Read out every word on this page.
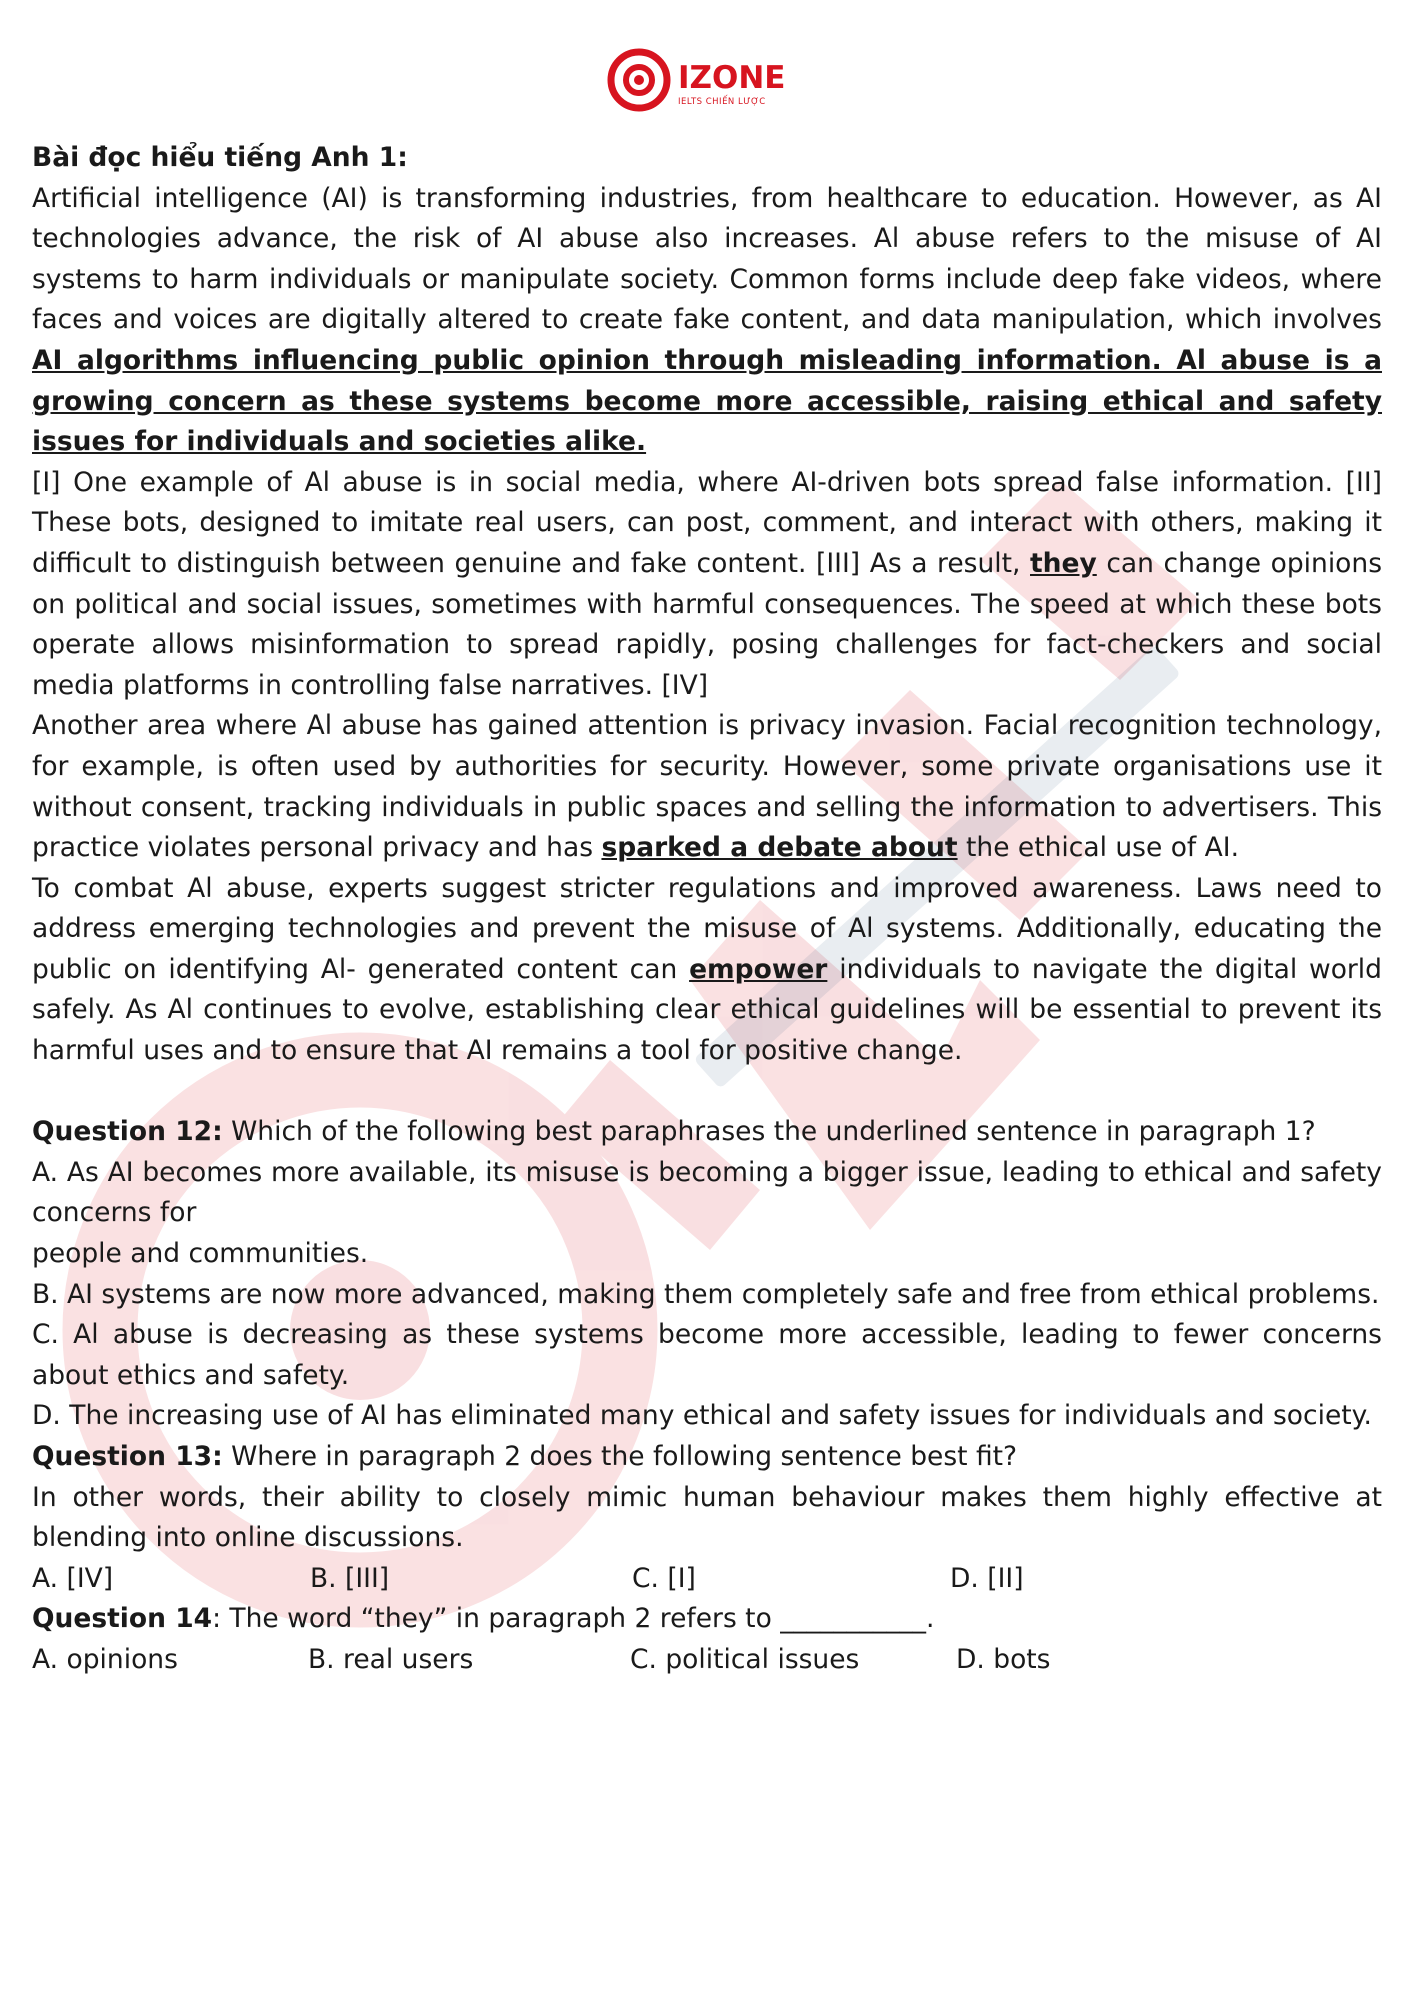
IZONE
IELTS CHIẾN LƯỢC

Bài đọc hiểu tiếng Anh 1:

Artificial intelligence (AI) is transforming industries, from healthcare to education. However, as AI technologies advance, the risk of AI abuse also increases. Al abuse refers to the misuse of AI systems to harm individuals or manipulate society. Common forms include deep fake videos, where faces and voices are digitally altered to create fake content, and data manipulation, which involves AI algorithms influencing public opinion through misleading information. Al abuse is a growing concern as these systems become more accessible, raising ethical and safety issues for individuals and societies alike.

[I] One example of Al abuse is in social media, where AI-driven bots spread false information. [II] These bots, designed to imitate real users, can post, comment, and interact with others, making it difficult to distinguish between genuine and fake content. [III] As a result, they can change opinions on political and social issues, sometimes with harmful consequences. The speed at which these bots operate allows misinformation to spread rapidly, posing challenges for fact-checkers and social media platforms in controlling false narratives. [IV]

Another area where Al abuse has gained attention is privacy invasion. Facial recognition technology, for example, is often used by authorities for security. However, some private organisations use it without consent, tracking individuals in public spaces and selling the information to advertisers. This practice violates personal privacy and has sparked a debate about the ethical use of AI.

To combat Al abuse, experts suggest stricter regulations and improved awareness. Laws need to address emerging technologies and prevent the misuse of Al systems. Additionally, educating the public on identifying Al- generated content can empower individuals to navigate the digital world safely. As Al continues to evolve, establishing clear ethical guidelines will be essential to prevent its harmful uses and to ensure that AI remains a tool for positive change.

Question 12: Which of the following best paraphrases the underlined sentence in paragraph 1?

A. As AI becomes more available, its misuse is becoming a bigger issue, leading to ethical and safety concerns for

people and communities.

B. AI systems are now more advanced, making them completely safe and free from ethical problems.

C. Al abuse is decreasing as these systems become more accessible, leading to fewer concerns about ethics and safety.

D. The increasing use of AI has eliminated many ethical and safety issues for individuals and society.

Question 13: Where in paragraph 2 does the following sentence best fit?

In other words, their ability to closely mimic human behaviour makes them highly effective at blending into online discussions.

A. [IV]	B. [III]	C. [I]	D. [II]

Question 14: The word “they” in paragraph 2 refers to ___________.

A. opinions	B. real users	C. political issues	D. bots
